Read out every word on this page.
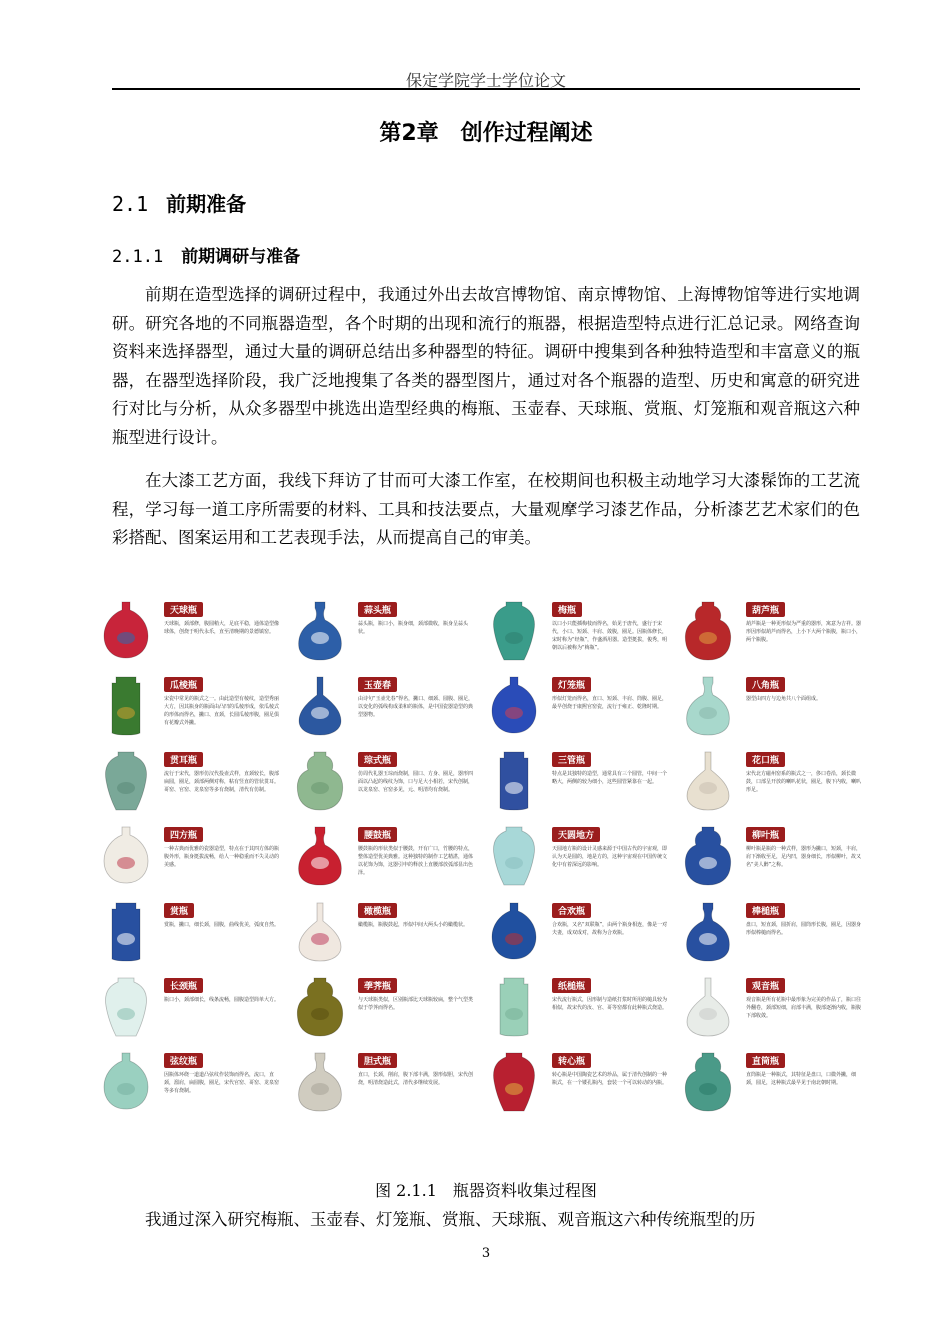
保定学院学士学位论文
第2章 创作过程阐述
2.1 前期准备
2.1.1 前期调研与准备

前期在造型选择的调研过程中，我通过外出去故宫博物馆、南京博物馆、上海博物馆等进行实地调研。研究各地的不同瓶器造型，各个时期的出现和流行的瓶器，根据造型特点进行汇总记录。网络查询资料来选择器型，通过大量的调研总结出多种器型的特征。调研中搜集到各种独特造型和丰富意义的瓶器，在器型选择阶段，我广泛地搜集了各类的器型图片，通过对各个瓶器的造型、历史和寓意的研究进行对比与分析，从众多器型中挑选出造型经典的梅瓶、玉壶春、天球瓶、赏瓶、灯笼瓶和观音瓶这六种瓶型进行设计。

在大漆工艺方面，我线下拜访了甘而可大漆工作室，在校期间也积极主动地学习大漆髹饰的工艺流程，学习每一道工序所需要的材料、工具和技法要点，大量观摩学习漆艺作品，分析漆艺艺术家们的色彩搭配、图案运用和工艺表现手法，从而提高自己的审美。

天球瓶
天球瓶，颈部修，腹圆稍大，足底平稳，通体造型像球体，创烧于明代永乐，直至清晚期的景德镇窑。
蒜头瓶
蒜头瓶，瓶口小，瓶身细，颈部微收，瓶身呈蒜头状。
梅瓶
以口小只能插梅枝而得名，始见于唐代，盛行于宋代，小口、短颈、丰肩、敛腹，圈足。因瓶体修长，宋时称为“经瓶”，作盛酒用器。造型挺拔，俊秀，明朝以后被称为“梅瓶”。
葫芦瓶
葫芦瓶是一种更形似为严重的器形，寓意为吉祥。器形因形似葫芦而得名，上小下大两个瓶腹，瓶口小，两个瓶腹。
瓜棱瓶
宋瓷中常见的瓶式之一。由此造型有棱纹，造型秀丽大方，因其瓶身的瓶面由凸凹的瓜棱形成，依瓜棱式的形体而得名，撇口、直颈，长圆瓜棱形腹，圈足俱有花瓣式外撇。
玉壶春
由诗句“玉壶先春”得名，撇口、细颈、圆腹、圈足，以变化的弧线构成柔和的瓶体，是中国瓷器造型的典型器物。
灯笼瓶
形似灯笼而得名，直口、短颈、丰肩、筒腹、圈足，最早创烧于康熙官窑瓷，流行于雍正、乾隆时期。
八角瓶
器型由四方与边角共八个面组成。
贯耳瓶
流行于宋代，器形仿汉代投壶式样，直颈较长，腹部扁圆，圈足，颈部两侧对称，粘有竖直的管状贯耳。哥窑、官窑、龙泉窑等多有烧制，清代有仿制。
琮式瓶
仿周代礼器玉琮而烧制，圆口、方身、圈足，器形四面以凸起的线纹为饰，口与足大小相若，宋代创制，以龙泉窑、官窑多见，元、明清均有烧制。
三管瓶
特点是其独特的造型，通常具有三个圆管，中间一个略大，两侧的较为细小，这些圆管紧靠在一起。
花口瓶
宋代北方磁州窑系的瓶式之一，侈口卷沿，颈长微鼓，口部呈开放的喇叭花状，圈足，腹下内收，喇叭形足。
四方瓶
一种古典而优雅的瓷器造型，特点在于其四方体的瓶腹外形，瓶身挺拔流畅，给人一种稳重而不失灵动的美感。
腰鼓瓶
腰鼓瓶的形状类似于腰鼓，开有广口，竹腰的特点，整体造型优美典雅。这种独特的制作工艺精湛，通体以花饰为饰，这器引申的释放上直腰部放弧部显出色泽。
天圆地方
天圆地方瓶的设计灵感来源于中国古代的宇宙观，即认为天是圆的，地是方的，这种宇宙观在中国传统文化中有着深远的影响。
柳叶瓶
柳叶瓶是瓶的一种式样，器形为撇口，短颈，丰肩，肩下渐收至足，足内凹，器身细长，形似柳叶，故又名“美人醉”之称。
赏瓶
赏瓶，撇口，细长颈，圆腹，曲线优美，弧度自然。
橄榄瓶
橄榄瓶，瓶腹鼓起，形似中间大两头小的橄榄状。
合欢瓶
合欢瓶，又名“双联瓶”，由两个瓶身相连，像是一对夫妻，成双成对，故称为合欢瓶。
棒槌瓶
盘口，短直颈，圆折肩，圆筒形长腹，圈足，因器身形似棒槌而得名。
长颈瓶
瓶口小，颈部细长，线条流畅，圆腹造型简单大方。
荸荠瓶
与天球瓶类似，区别瓶部比天球瓶较扁，整个气型类似于荸荠而得名。
纸槌瓶
宋代流行瓶式，因形制与造纸打浆时所用的槌具较为相似，故宋代的汝、官、哥等窑都有此种瓶式烧造。
观音瓶
观音瓶是所有花瓶中最形象为完美的作品了，瓶口往外翻卷，颈部短细，肩部丰满，腹部逐渐内收，瓶腹下部收敛。
弦纹瓶
因瓶体环绕一道道凸弦纹作装饰而得名，流口，直颈，溜肩，扁圆腹，圈足，宋代官窑、哥窑、龙泉窑等多有烧制。
胆式瓶
直口，长颈，削肩，腹下部丰满，器形似胆，宋代创烧，明清烧造此式，清代多继续发展。
转心瓶
转心瓶是中国陶瓷艺术的珍品，属于清代创制的一种瓶式，在一个镂孔瓶内，套装一个可以转动的内瓶。
直筒瓶
直筒瓶是一种瓶式，其特征是盘口，口微外撇，细颈，圆足，这种瓶式最早见于南北朝时期。
图 2.1.1 瓶器资料收集过程图

我通过深入研究梅瓶、玉壶春、灯笼瓶、赏瓶、天球瓶、观音瓶这六种传统瓶型的历

3
